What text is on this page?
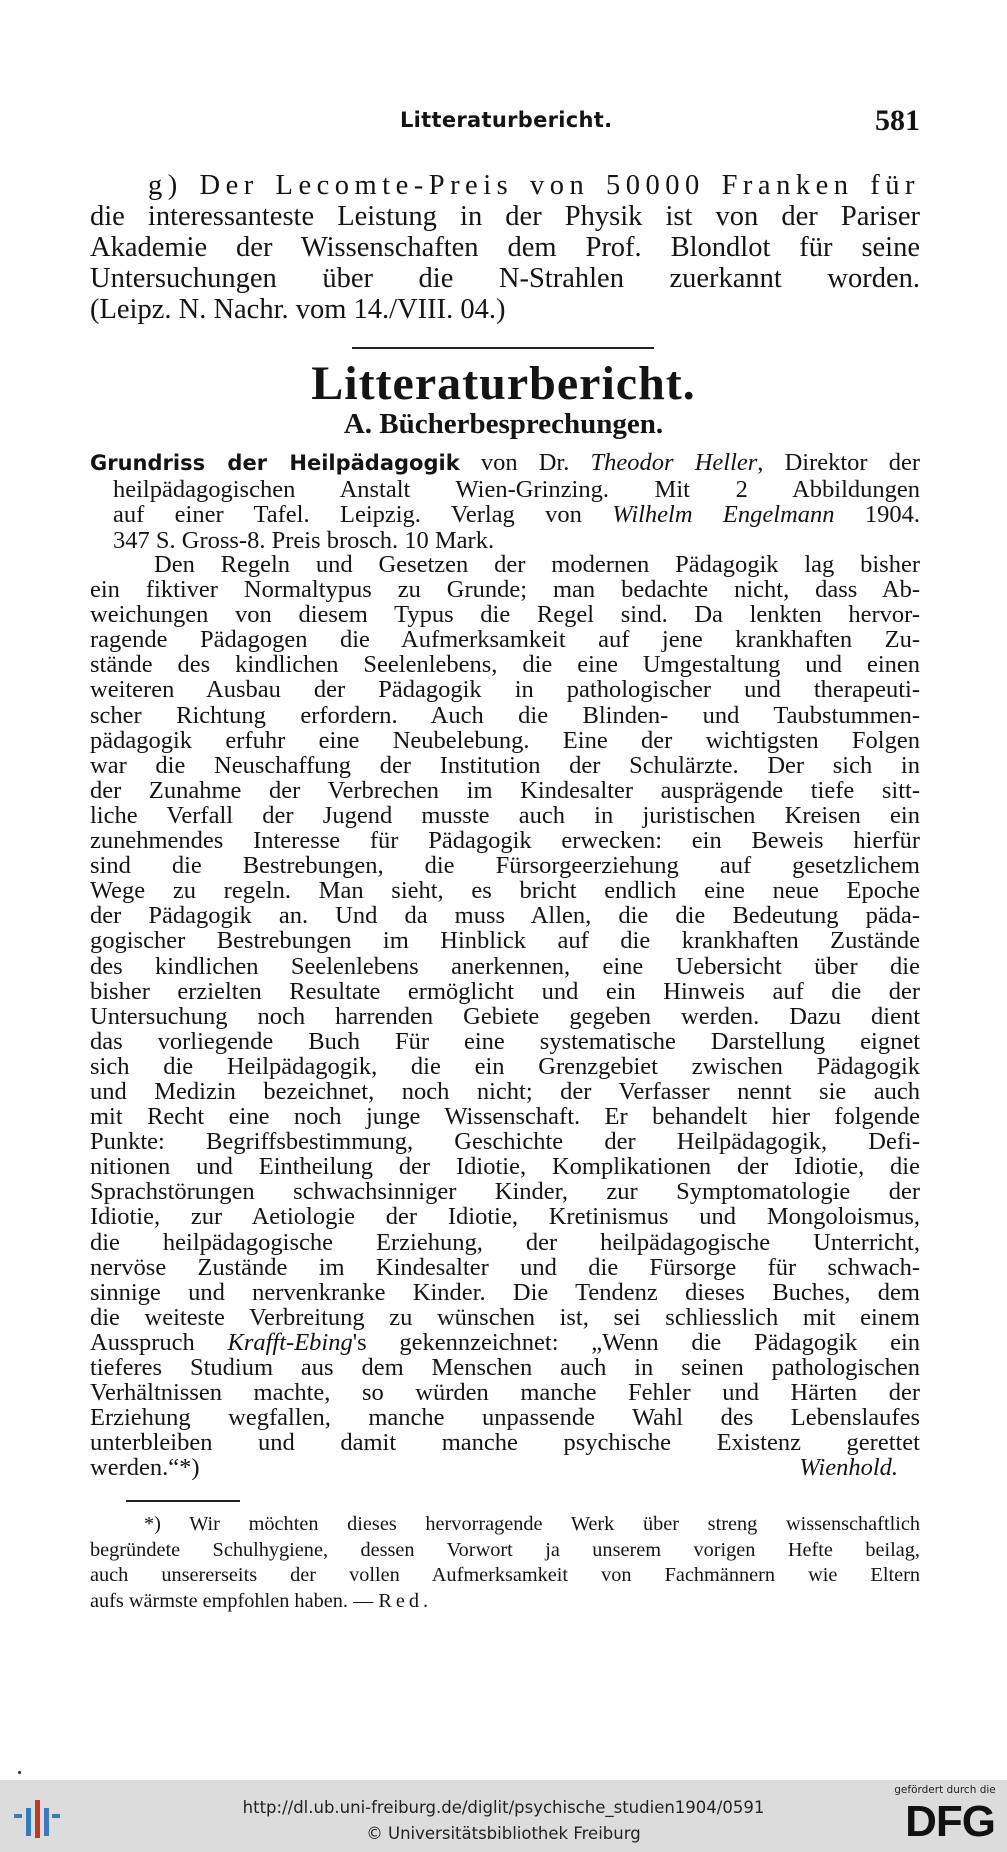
Litteraturbericht.	581
g) Der Lecomte-Preis von 50000 Franken für
die interessanteste Leistung in der Physik ist von der Pariser
Akademie der Wissenschaften dem Prof. Blondlot für seine
Untersuchungen über die N-Strahlen zuerkannt worden.
(Leipz. N. Nachr. vom 14./VIII. 04.)
Litteraturbericht.
A. Bücherbesprechungen.
Grundriss der Heilpädagogik von Dr. Theodor Heller, Direktor der
heilpädagogischen Anstalt Wien-Grinzing. Mit 2 Abbildungen
auf einer Tafel. Leipzig. Verlag von Wilhelm Engelmann 1904.
347 S. Gross-8. Preis brosch. 10 Mark.
Den Regeln und Gesetzen der modernen Pädagogik lag bisher
ein fiktiver Normaltypus zu Grunde; man bedachte nicht, dass Ab-
weichungen von diesem Typus die Regel sind. Da lenkten hervor-
ragende Pädagogen die Aufmerksamkeit auf jene krankhaften Zu-
stände des kindlichen Seelenlebens, die eine Umgestaltung und einen
weiteren Ausbau der Pädagogik in pathologischer und therapeuti-
scher Richtung erfordern. Auch die Blinden- und Taubstummen-
pädagogik erfuhr eine Neubelebung. Eine der wichtigsten Folgen
war die Neuschaffung der Institution der Schulärzte. Der sich in
der Zunahme der Verbrechen im Kindesalter ausprägende tiefe sitt-
liche Verfall der Jugend musste auch in juristischen Kreisen ein
zunehmendes Interesse für Pädagogik erwecken: ein Beweis hierfür
sind die Bestrebungen, die Fürsorgeerziehung auf gesetzlichem
Wege zu regeln. Man sieht, es bricht endlich eine neue Epoche
der Pädagogik an. Und da muss Allen, die die Bedeutung päda-
gogischer Bestrebungen im Hinblick auf die krankhaften Zustände
des kindlichen Seelenlebens anerkennen, eine Uebersicht über die
bisher erzielten Resultate ermöglicht und ein Hinweis auf die der
Untersuchung noch harrenden Gebiete gegeben werden. Dazu dient
das vorliegende Buch Für eine systematische Darstellung eignet
sich die Heilpädagogik, die ein Grenzgebiet zwischen Pädagogik
und Medizin bezeichnet, noch nicht; der Verfasser nennt sie auch
mit Recht eine noch junge Wissenschaft. Er behandelt hier folgende
Punkte: Begriffsbestimmung, Geschichte der Heilpädagogik, Defi-
nitionen und Eintheilung der Idiotie, Komplikationen der Idiotie, die
Sprachstörungen schwachsinniger Kinder, zur Symptomatologie der
Idiotie, zur Aetiologie der Idiotie, Kretinismus und Mongoloismus,
die heilpädagogische Erziehung, der heilpädagogische Unterricht,
nervöse Zustände im Kindesalter und die Fürsorge für schwach-
sinnige und nervenkranke Kinder. Die Tendenz dieses Buches, dem
die weiteste Verbreitung zu wünschen ist, sei schliesslich mit einem
Ausspruch Krafft-Ebing's gekennzeichnet: „Wenn die Pädagogik ein
tieferes Studium aus dem Menschen auch in seinen pathologischen
Verhältnissen machte, so würden manche Fehler und Härten der
Erziehung wegfallen, manche unpassende Wahl des Lebenslaufes
unterbleiben und damit manche psychische Existenz gerettet
werden.“*)	Wienhold.
*) Wir möchten dieses hervorragende Werk über streng wissenschaftlich
begründete Schulhygiene, dessen Vorwort ja unserem vorigen Hefte beilag,
auch unsererseits der vollen Aufmerksamkeit von Fachmännern wie Eltern
aufs wärmste empfohlen haben. — Red.
http://dl.ub.uni-freiburg.de/diglit/psychische_studien1904/0591
© Universitätsbibliothek Freiburg
gefördert durch die
DFG
